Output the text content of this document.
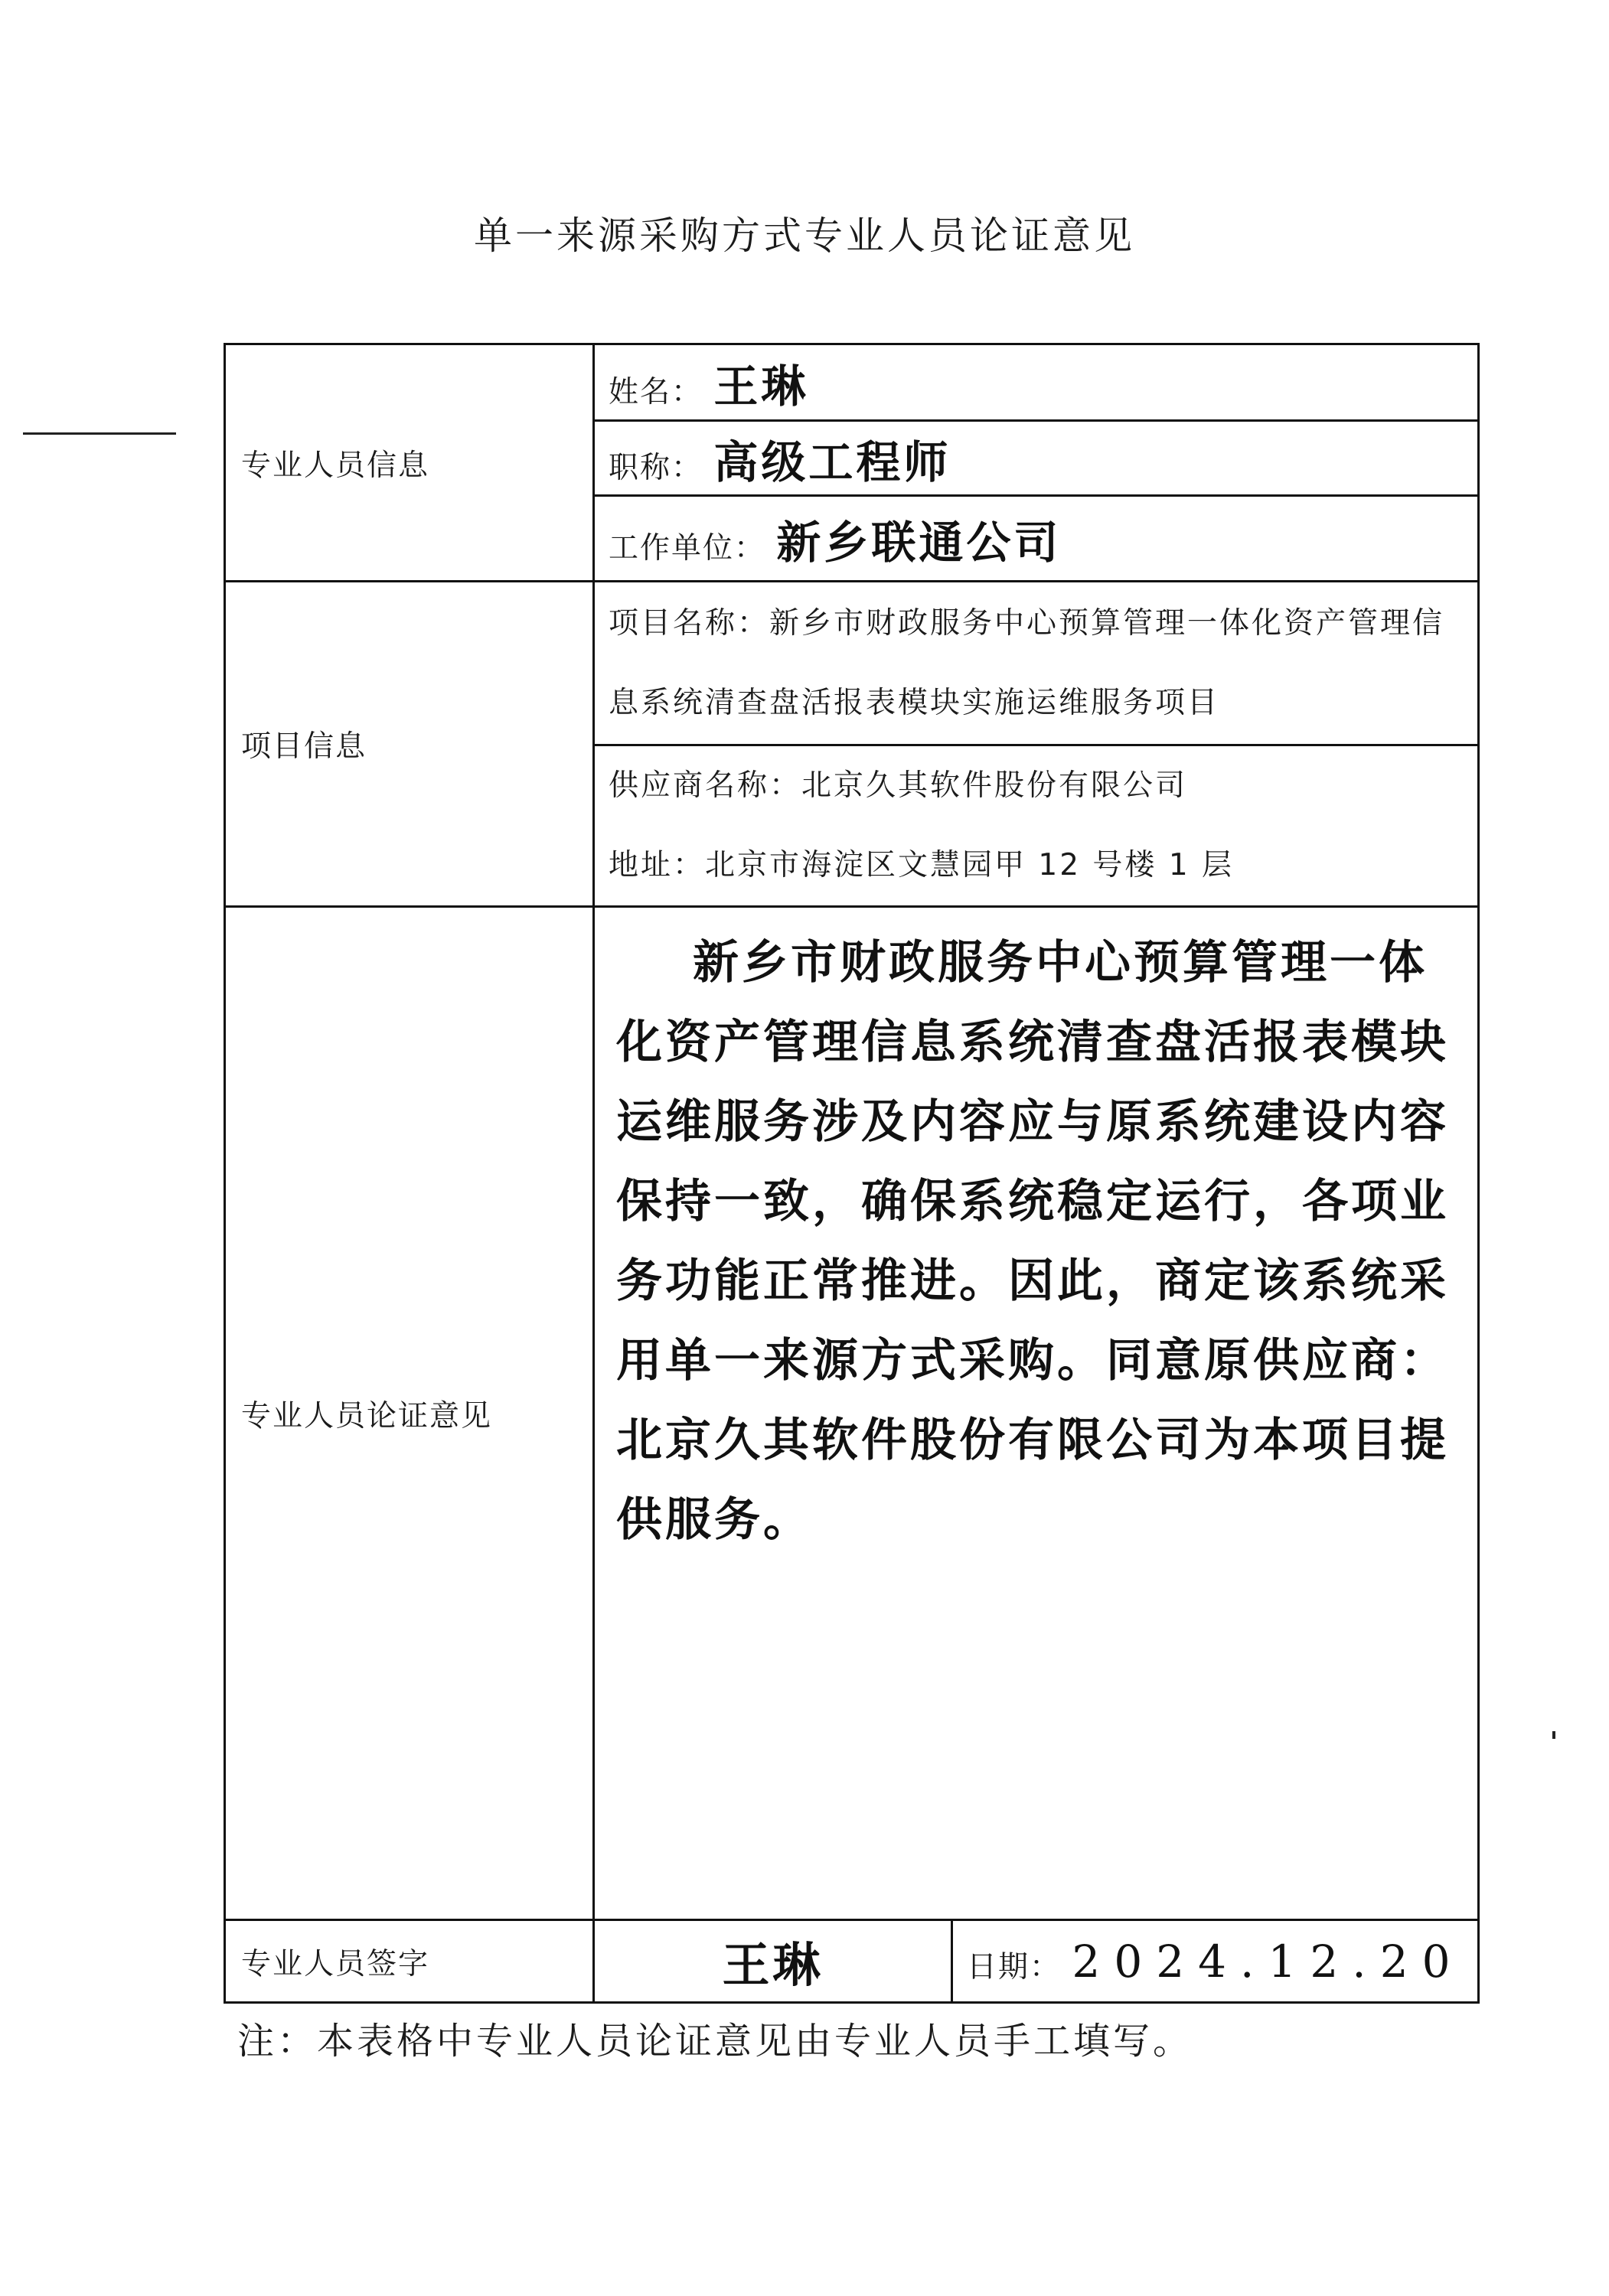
单一来源采购方式专业人员论证意见
专业人员信息	姓名： 王琳	
	职称： 高级工程师	
	工作单位： 新乡联通公司	
项目信息	项目名称：新乡市财政服务中心预算管理一体化资产管理信息系统清查盘活报表模块实施运维服务项目	

	供应商名称：北京久其软件股份有限公司
地址：北京市海淀区文慧园甲 12 号楼 1 层	

专业人员论证意见	新乡市财政服务中心预算管理一体化资产管理信息系统清查盘活报表模块运维服务涉及内容应与原系统建设内容保持一致，确保系统稳定运行，各项业务功能正常推进。因此，商定该系统采用单一来源方式采购。同意原供应商：北京久其软件股份有限公司为本项目提供服务。	
专业人员签字	王琳	日期： 2024.12.20
注：本表格中专业人员论证意见由专业人员手工填写。
